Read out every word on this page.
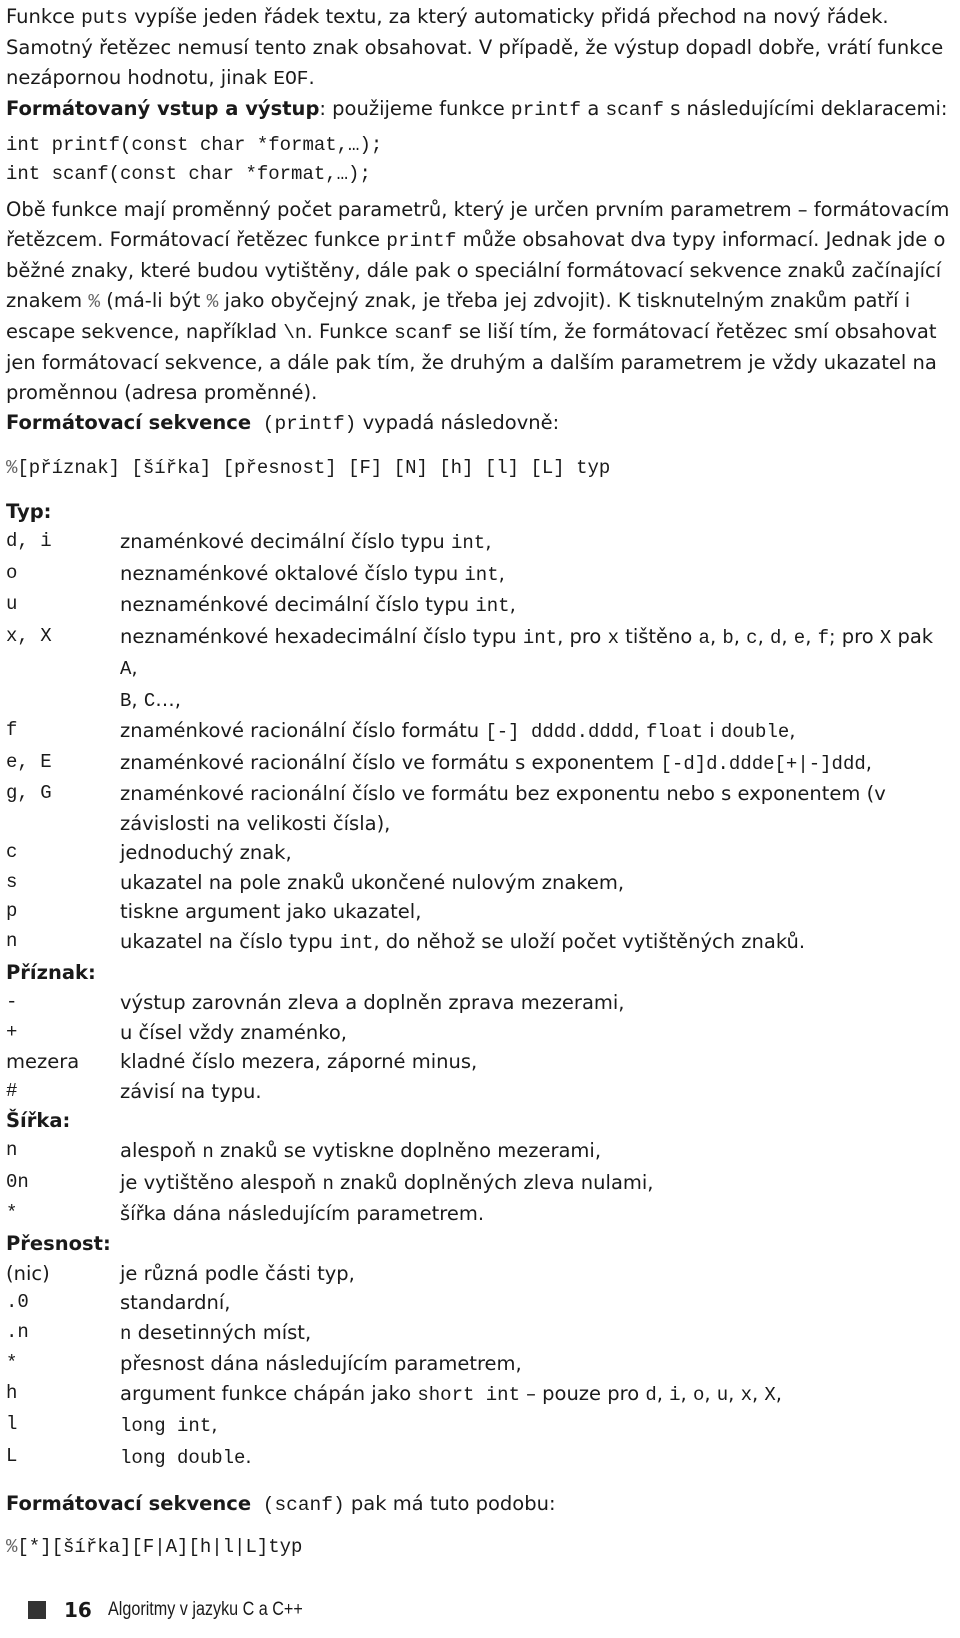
Funkce puts vypíše jeden řádek textu, za který automaticky přidá přechod na nový řádek. Samotný řetězec nemusí tento znak obsahovat. V případě, že výstup dopadl dobře, vrátí funkce nezápornou hodnotu, jinak EOF.

Formátovaný vstup a výstup: použijeme funkce printf a scanf s následujícími deklaracemi:

int printf(const char *format,…);
int scanf(const char *format,…);

Obě funkce mají proměnný počet parametrů, který je určen prvním parametrem – formátovacím řetězcem. Formátovací řetězec funkce printf může obsahovat dva typy informací. Jednak jde o běžné znaky, které budou vytištěny, dále pak o speciální formátovací sekvence znaků začínající znakem % (má-li být % jako obyčejný znak, je třeba jej zdvojit). K tisknutelným znakům patří i escape sekvence, například \n. Funkce scanf se liší tím, že formátovací řetězec smí obsahovat jen formátovací sekvence, a dále pak tím, že druhým a dalším parametrem je vždy ukazatel na proměnnou (adresa proměnné).

Formátovací sekvence (printf) vypadá následovně:

%[příznak] [šířka] [přesnost] [F] [N] [h] [l] [L] typ
Typ:
d, i	znaménkové decimální číslo typu int,
o	neznaménkové oktalové číslo typu int,
u	neznaménkové decimální číslo typu int,
x, X	neznaménkové hexadecimální číslo typu int, pro x tištěno a, b, c, d, e, f; pro X pak A,
B, C…,
f	znaménkové racionální číslo formátu [-] dddd.dddd, float i double,
e, E	znaménkové racionální číslo ve formátu s exponentem [-d]d.ddde[+|-]ddd,
g, G	znaménkové racionální číslo ve formátu bez exponentu nebo s exponentem (v závislosti na velikosti čísla),
c	jednoduchý znak,
s	ukazatel na pole znaků ukončené nulovým znakem,
p	tiskne argument jako ukazatel,
n	ukazatel na číslo typu int, do něhož se uloží počet vytištěných znaků.
Příznak:
-	výstup zarovnán zleva a doplněn zprava mezerami,
+	u čísel vždy znaménko,
mezera	kladné číslo mezera, záporné minus,
#	závisí na typu.
Šířka:
n	alespoň n znaků se vytiskne doplněno mezerami,
0n	je vytištěno alespoň n znaků doplněných zleva nulami,
*	šířka dána následujícím parametrem.
Přesnost:
(nic)	je různá podle části typ,
.0	standardní,
.n	n desetinných míst,
*	přesnost dána následujícím parametrem,
h	argument funkce chápán jako short int – pouze pro d, i, o, u, x, X,
l	long int,
L	long double.

Formátovací sekvence (scanf) pak má tuto podobu:

%[*][šířka][F|A][h|l|L]typ
16 Algoritmy v jazyku C a C++
